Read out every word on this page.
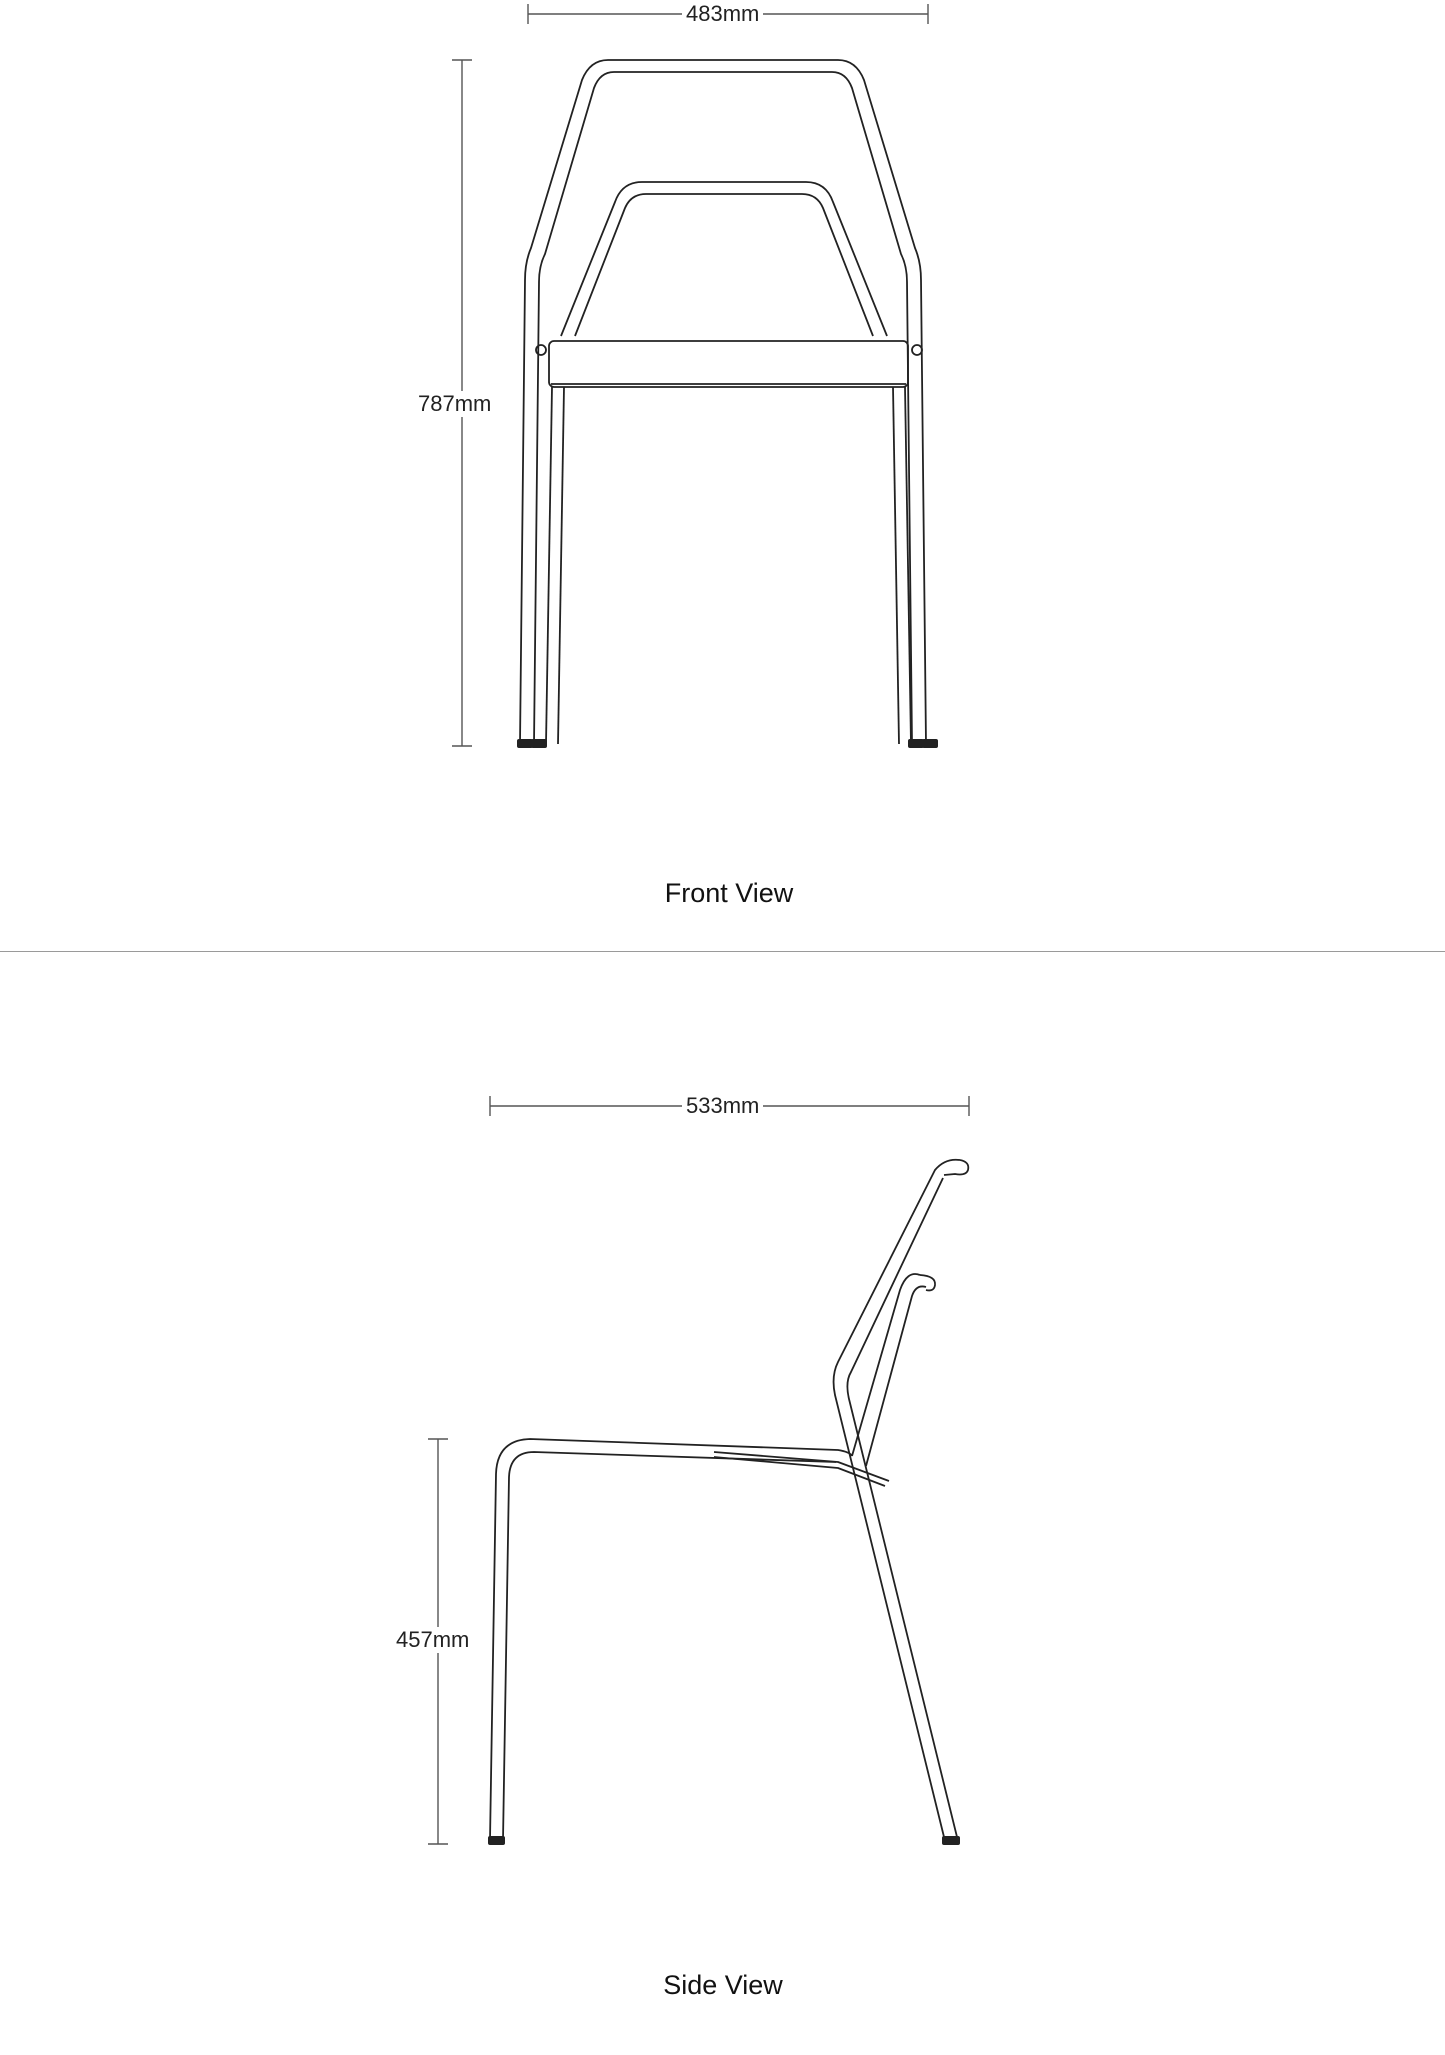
483mm
787mm
Front View
533mm
457mm
Side View
